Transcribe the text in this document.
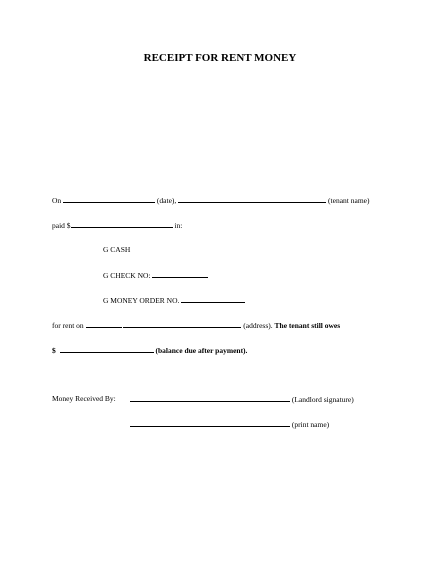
RECEIPT FOR RENT MONEY
On	(date),	(tenant name)
paid $	in:
G CASH
G CHECK NO:
G MONEY ORDER NO.
for rent on	(address). The tenant still owes
$	(balance due after payment).
Money Received By:	(Landlord signature)
(print name)
